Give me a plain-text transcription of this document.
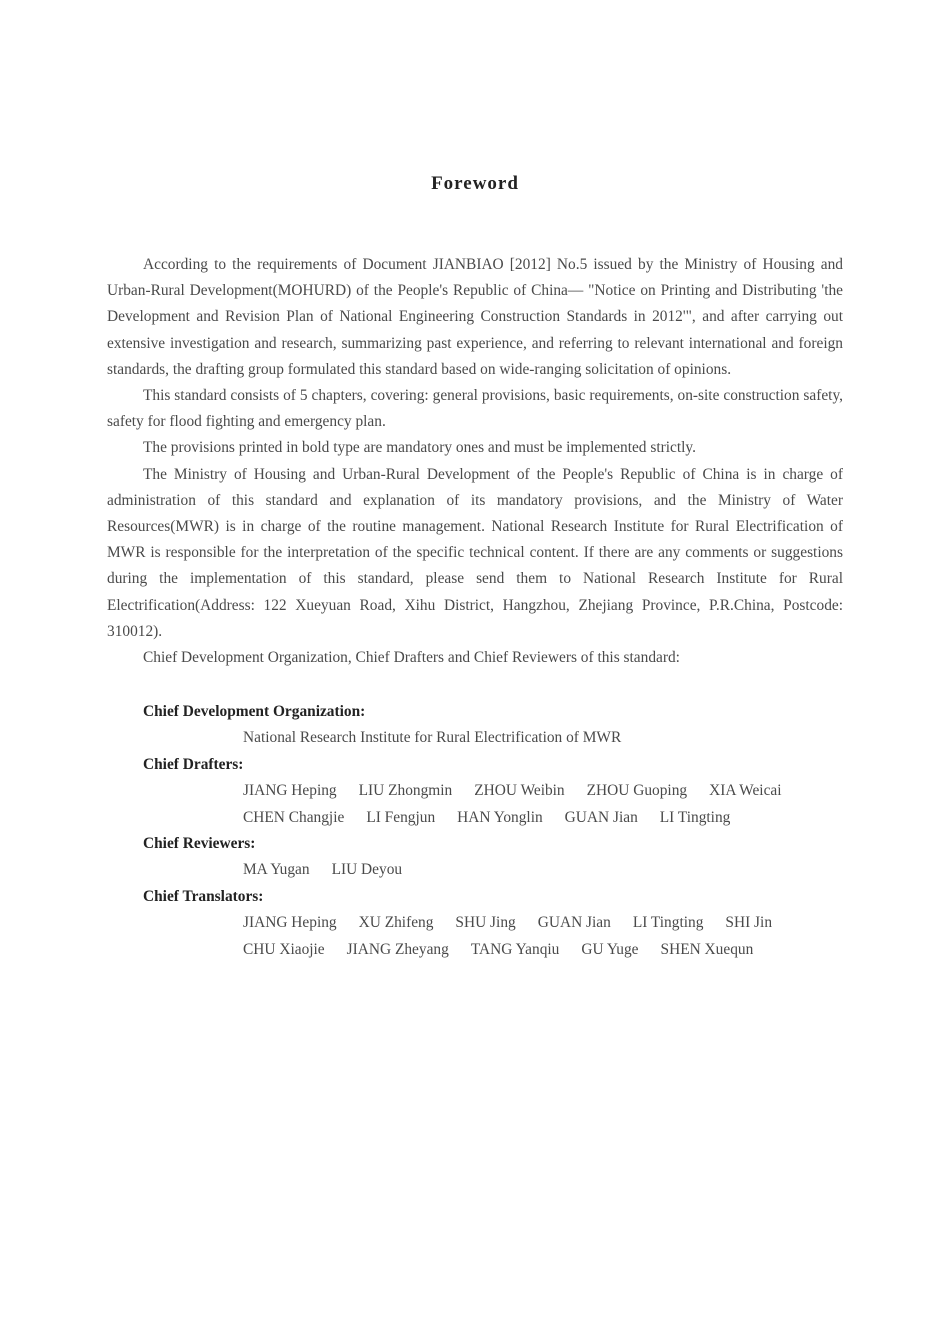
Foreword

According to the requirements of Document JIANBIAO [2012] No.5 issued by the Ministry of Housing and Urban-Rural Development(MOHURD) of the People's Republic of China— "Notice on Printing and Distributing 'the Development and Revision Plan of National Engineering Construction Standards in 2012'", and after carrying out extensive investigation and research, summarizing past experience, and referring to relevant international and foreign standards, the drafting group formulated this standard based on wide-ranging solicitation of opinions.

This standard consists of 5 chapters, covering: general provisions, basic requirements, on-site construction safety, safety for flood fighting and emergency plan.

The provisions printed in bold type are mandatory ones and must be implemented strictly.

The Ministry of Housing and Urban-Rural Development of the People's Republic of China is in charge of administration of this standard and explanation of its mandatory provisions, and the Ministry of Water Resources(MWR) is in charge of the routine management. National Research Institute for Rural Electrification of MWR is responsible for the interpretation of the specific technical content. If there are any comments or suggestions during the implementation of this standard, please send them to National Research Institute for Rural Electrification(Address: 122 Xueyuan Road, Xihu District, Hangzhou, Zhejiang Province, P.R.China, Postcode: 310012).

Chief Development Organization, Chief Drafters and Chief Reviewers of this standard:

Chief Development Organization:

National Research Institute for Rural Electrification of MWR

Chief Drafters:

JIANG Heping LIU Zhongmin ZHOU Weibin ZHOU Guoping XIA Weicai

CHEN Changjie LI Fengjun HAN Yonglin GUAN Jian LI Tingting

Chief Reviewers:

MA Yugan LIU Deyou

Chief Translators:

JIANG Heping XU Zhifeng SHU Jing GUAN Jian LI Tingting SHI Jin

CHU Xiaojie JIANG Zheyang TANG Yanqiu GU Yuge SHEN Xuequn
